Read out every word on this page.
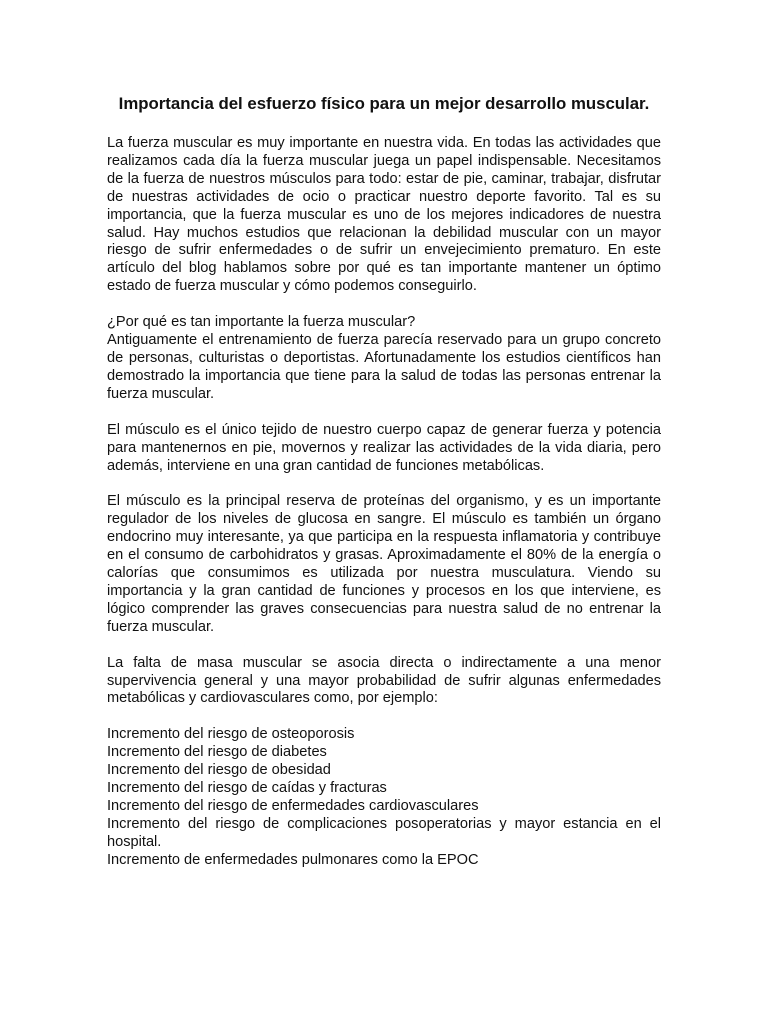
Importancia del esfuerzo físico para un mejor desarrollo muscular.

La fuerza muscular es muy importante en nuestra vida. En todas las actividades que realizamos cada día la fuerza muscular juega un papel indispensable. Necesitamos de la fuerza de nuestros músculos para todo: estar de pie, caminar, trabajar, disfrutar de nuestras actividades de ocio o practicar nuestro deporte favorito. Tal es su importancia, que la fuerza muscular es uno de los mejores indicadores de nuestra salud. Hay muchos estudios que relacionan la debilidad muscular con un mayor riesgo de sufrir enfermedades o de sufrir un envejecimiento prematuro. En este artículo del blog hablamos sobre por qué es tan importante mantener un óptimo estado de fuerza muscular y cómo podemos conseguirlo.

¿Por qué es tan importante la fuerza muscular?

Antiguamente el entrenamiento de fuerza parecía reservado para un grupo concreto de personas, culturistas o deportistas. Afortunadamente los estudios científicos han demostrado la importancia que tiene para la salud de todas las personas entrenar la fuerza muscular.

El músculo es el único tejido de nuestro cuerpo capaz de generar fuerza y potencia para mantenernos en pie, movernos y realizar las actividades de la vida diaria, pero además, interviene en una gran cantidad de funciones metabólicas.

El músculo es la principal reserva de proteínas del organismo, y es un importante regulador de los niveles de glucosa en sangre. El músculo es también un órgano endocrino muy interesante, ya que participa en la respuesta inflamatoria y contribuye en el consumo de carbohidratos y grasas. Aproximadamente el 80% de la energía o calorías que consumimos es utilizada por nuestra musculatura. Viendo su importancia y la gran cantidad de funciones y procesos en los que interviene, es lógico comprender las graves consecuencias para nuestra salud de no entrenar la fuerza muscular.

La falta de masa muscular se asocia directa o indirectamente a una menor supervivencia general y una mayor probabilidad de sufrir algunas enfermedades metabólicas y cardiovasculares como, por ejemplo:

Incremento del riesgo de osteoporosis
Incremento del riesgo de diabetes
Incremento del riesgo de obesidad
Incremento del riesgo de caídas y fracturas
Incremento del riesgo de enfermedades cardiovasculares
Incremento del riesgo de complicaciones posoperatorias y mayor estancia en el hospital.
Incremento de enfermedades pulmonares como la EPOC
